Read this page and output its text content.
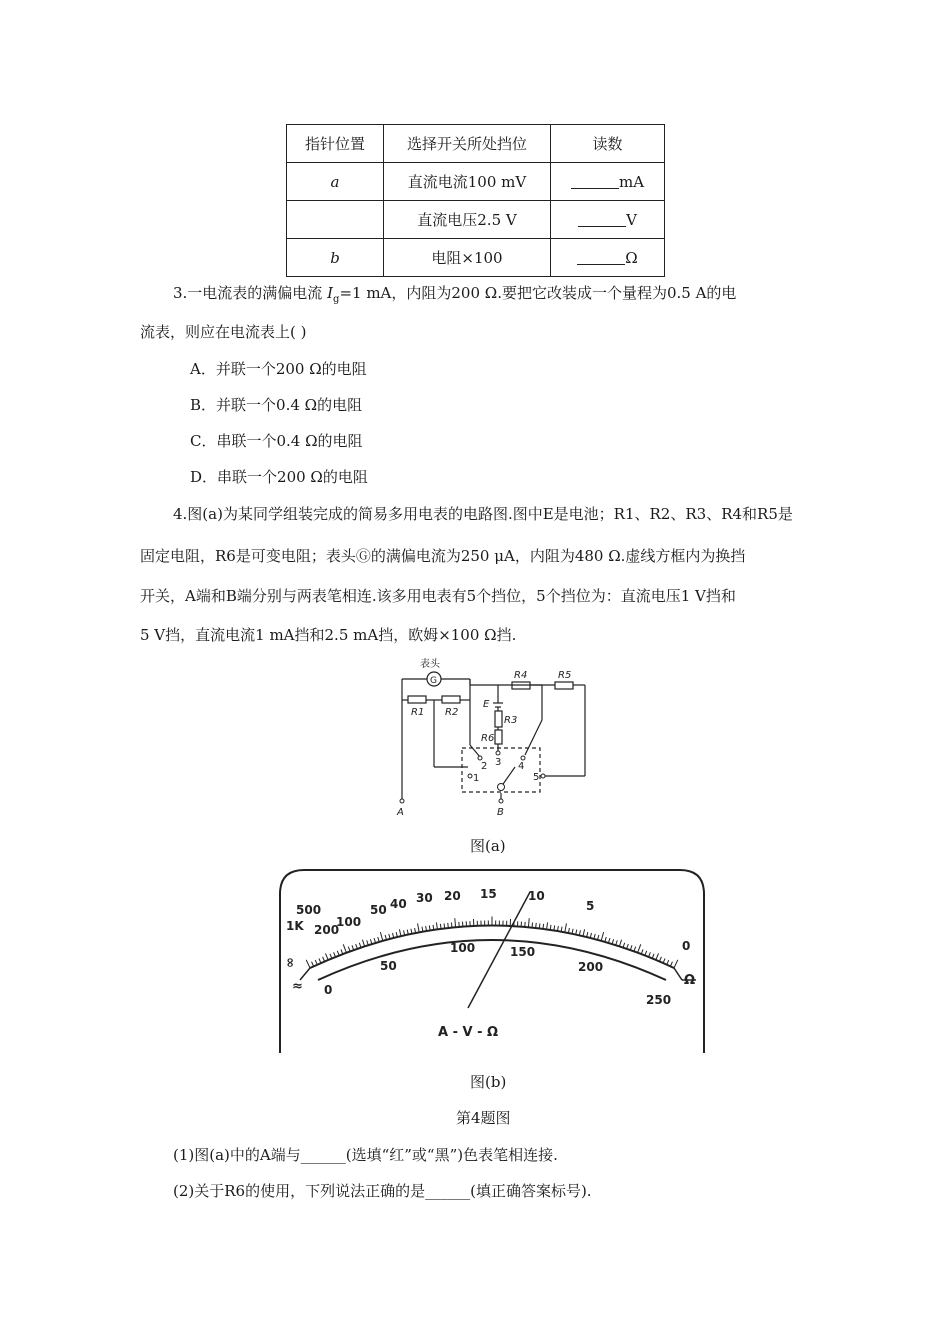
指针位置	选择开关所处挡位	读数
a	直流电流100 mV	mA
	直流电压2.5 V	V
b	电阻×100	Ω
3.一电流表的满偏电流 $I_g=1$ mA，内阻为200 Ω.要把它改装成一个量程为0.5 A的电
流表，则应在电流表上( )
A．并联一个200 Ω的电阻
B．并联一个0.4 Ω的电阻
C．串联一个0.4 Ω的电阻
D．串联一个200 Ω的电阻
4.图(a)为某同学组装完成的简易多用电表的电路图.图中E是电池；R1、R2、R3、R4和R5是
固定电阻，R6是可变电阻；表头Ⓖ的满偏电流为250 μA，内阻为480 Ω.虚线方框内为换挡
开关，A端和B端分别与两表笔相连.该多用电表有5个挡位，5个挡位为：直流电压1 V挡和
5 V挡，直流电流1 mA挡和2.5 mA挡，欧姆×100 Ω挡.
表头
G
R1 R2
R4	R5
E
R3
R6
A	B
1
2 3 4
5
图(a)
∞
1K
500
200
100
50 40 30 20 15	10
5
0
0
50
100	150
200
250
Ω
≈
A - V - Ω
图(b)
第4题图
(1)图(a)中的A端与______(选填“红”或“黑”)色表笔相连接.
(2)关于R6的使用，下列说法正确的是______(填正确答案标号).
